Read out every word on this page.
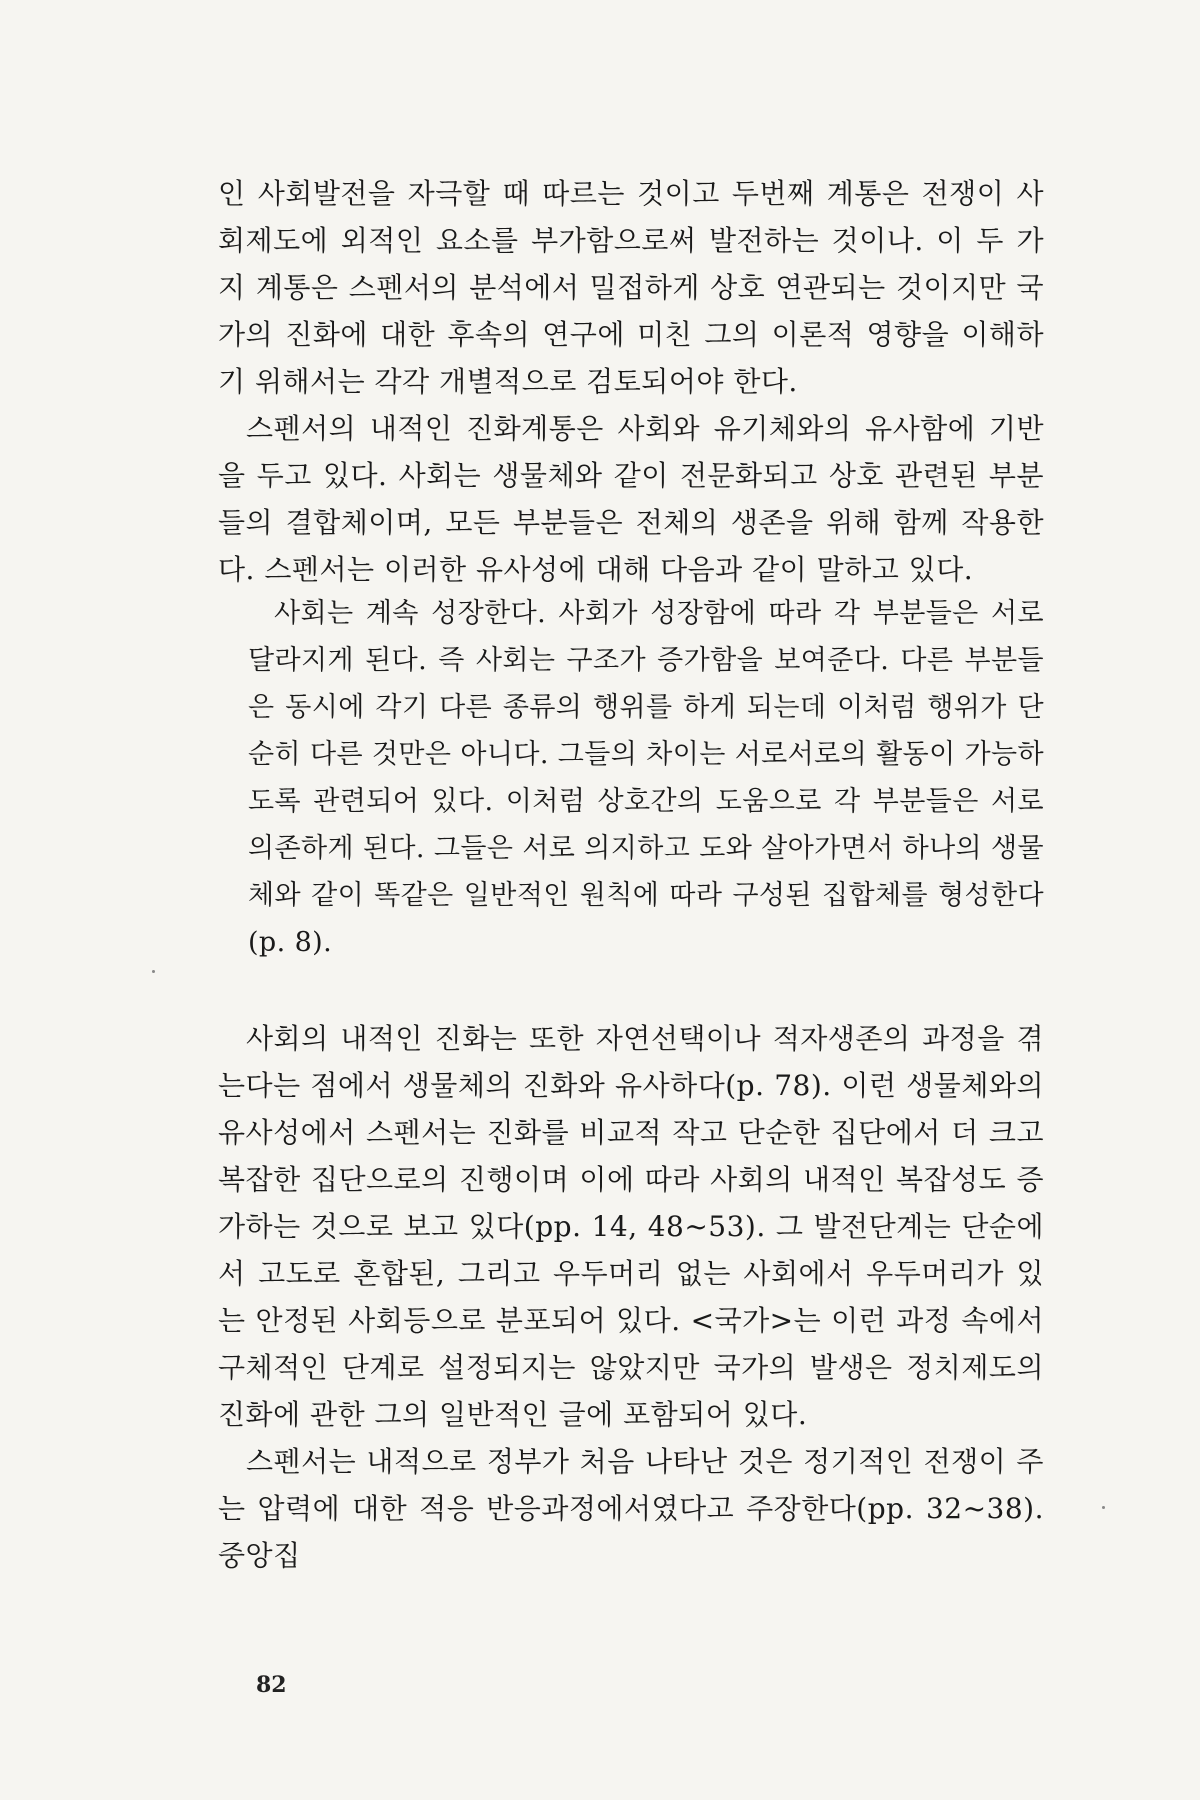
인 사회발전을 자극할 때 따르는 것이고 두번째 계통은 전쟁이 사회제도에 외적인 요소를 부가함으로써 발전하는 것이나. 이 두 가지 계통은 스펜서의 분석에서 밀접하게 상호 연관되는 것이지만 국가의 진화에 대한 후속의 연구에 미친 그의 이론적 영향을 이해하기 위해서는 각각 개별적으로 검토되어야 한다.

스펜서의 내적인 진화계통은 사회와 유기체와의 유사함에 기반을 두고 있다. 사회는 생물체와 같이 전문화되고 상호 관련된 부분들의 결합체이며, 모든 부분들은 전체의 생존을 위해 함께 작용한다. 스펜서는 이러한 유사성에 대해 다음과 같이 말하고 있다.

사회는 계속 성장한다. 사회가 성장함에 따라 각 부분들은 서로 달라지게 된다. 즉 사회는 구조가 증가함을 보여준다. 다른 부분들은 동시에 각기 다른 종류의 행위를 하게 되는데 이처럼 행위가 단순히 다른 것만은 아니다. 그들의 차이는 서로서로의 활동이 가능하도록 관련되어 있다. 이처럼 상호간의 도움으로 각 부분들은 서로 의존하게 된다. 그들은 서로 의지하고 도와 살아가면서 하나의 생물체와 같이 똑같은 일반적인 원칙에 따라 구성된 집합체를 형성한다(p. 8).

사회의 내적인 진화는 또한 자연선택이나 적자생존의 과정을 겪는다는 점에서 생물체의 진화와 유사하다(p. 78). 이런 생물체와의 유사성에서 스펜서는 진화를 비교적 작고 단순한 집단에서 더 크고 복잡한 집단으로의 진행이며 이에 따라 사회의 내적인 복잡성도 증가하는 것으로 보고 있다(pp. 14, 48~53). 그 발전단계는 단순에서 고도로 혼합된, 그리고 우두머리 없는 사회에서 우두머리가 있는 안정된 사회등으로 분포되어 있다. <국가>는 이런 과정 속에서 구체적인 단계로 설정되지는 않았지만 국가의 발생은 정치제도의 진화에 관한 그의 일반적인 글에 포함되어 있다.

스펜서는 내적으로 정부가 처음 나타난 것은 정기적인 전쟁이 주는 압력에 대한 적응 반응과정에서였다고 주장한다(pp. 32~38). 중앙집

82
